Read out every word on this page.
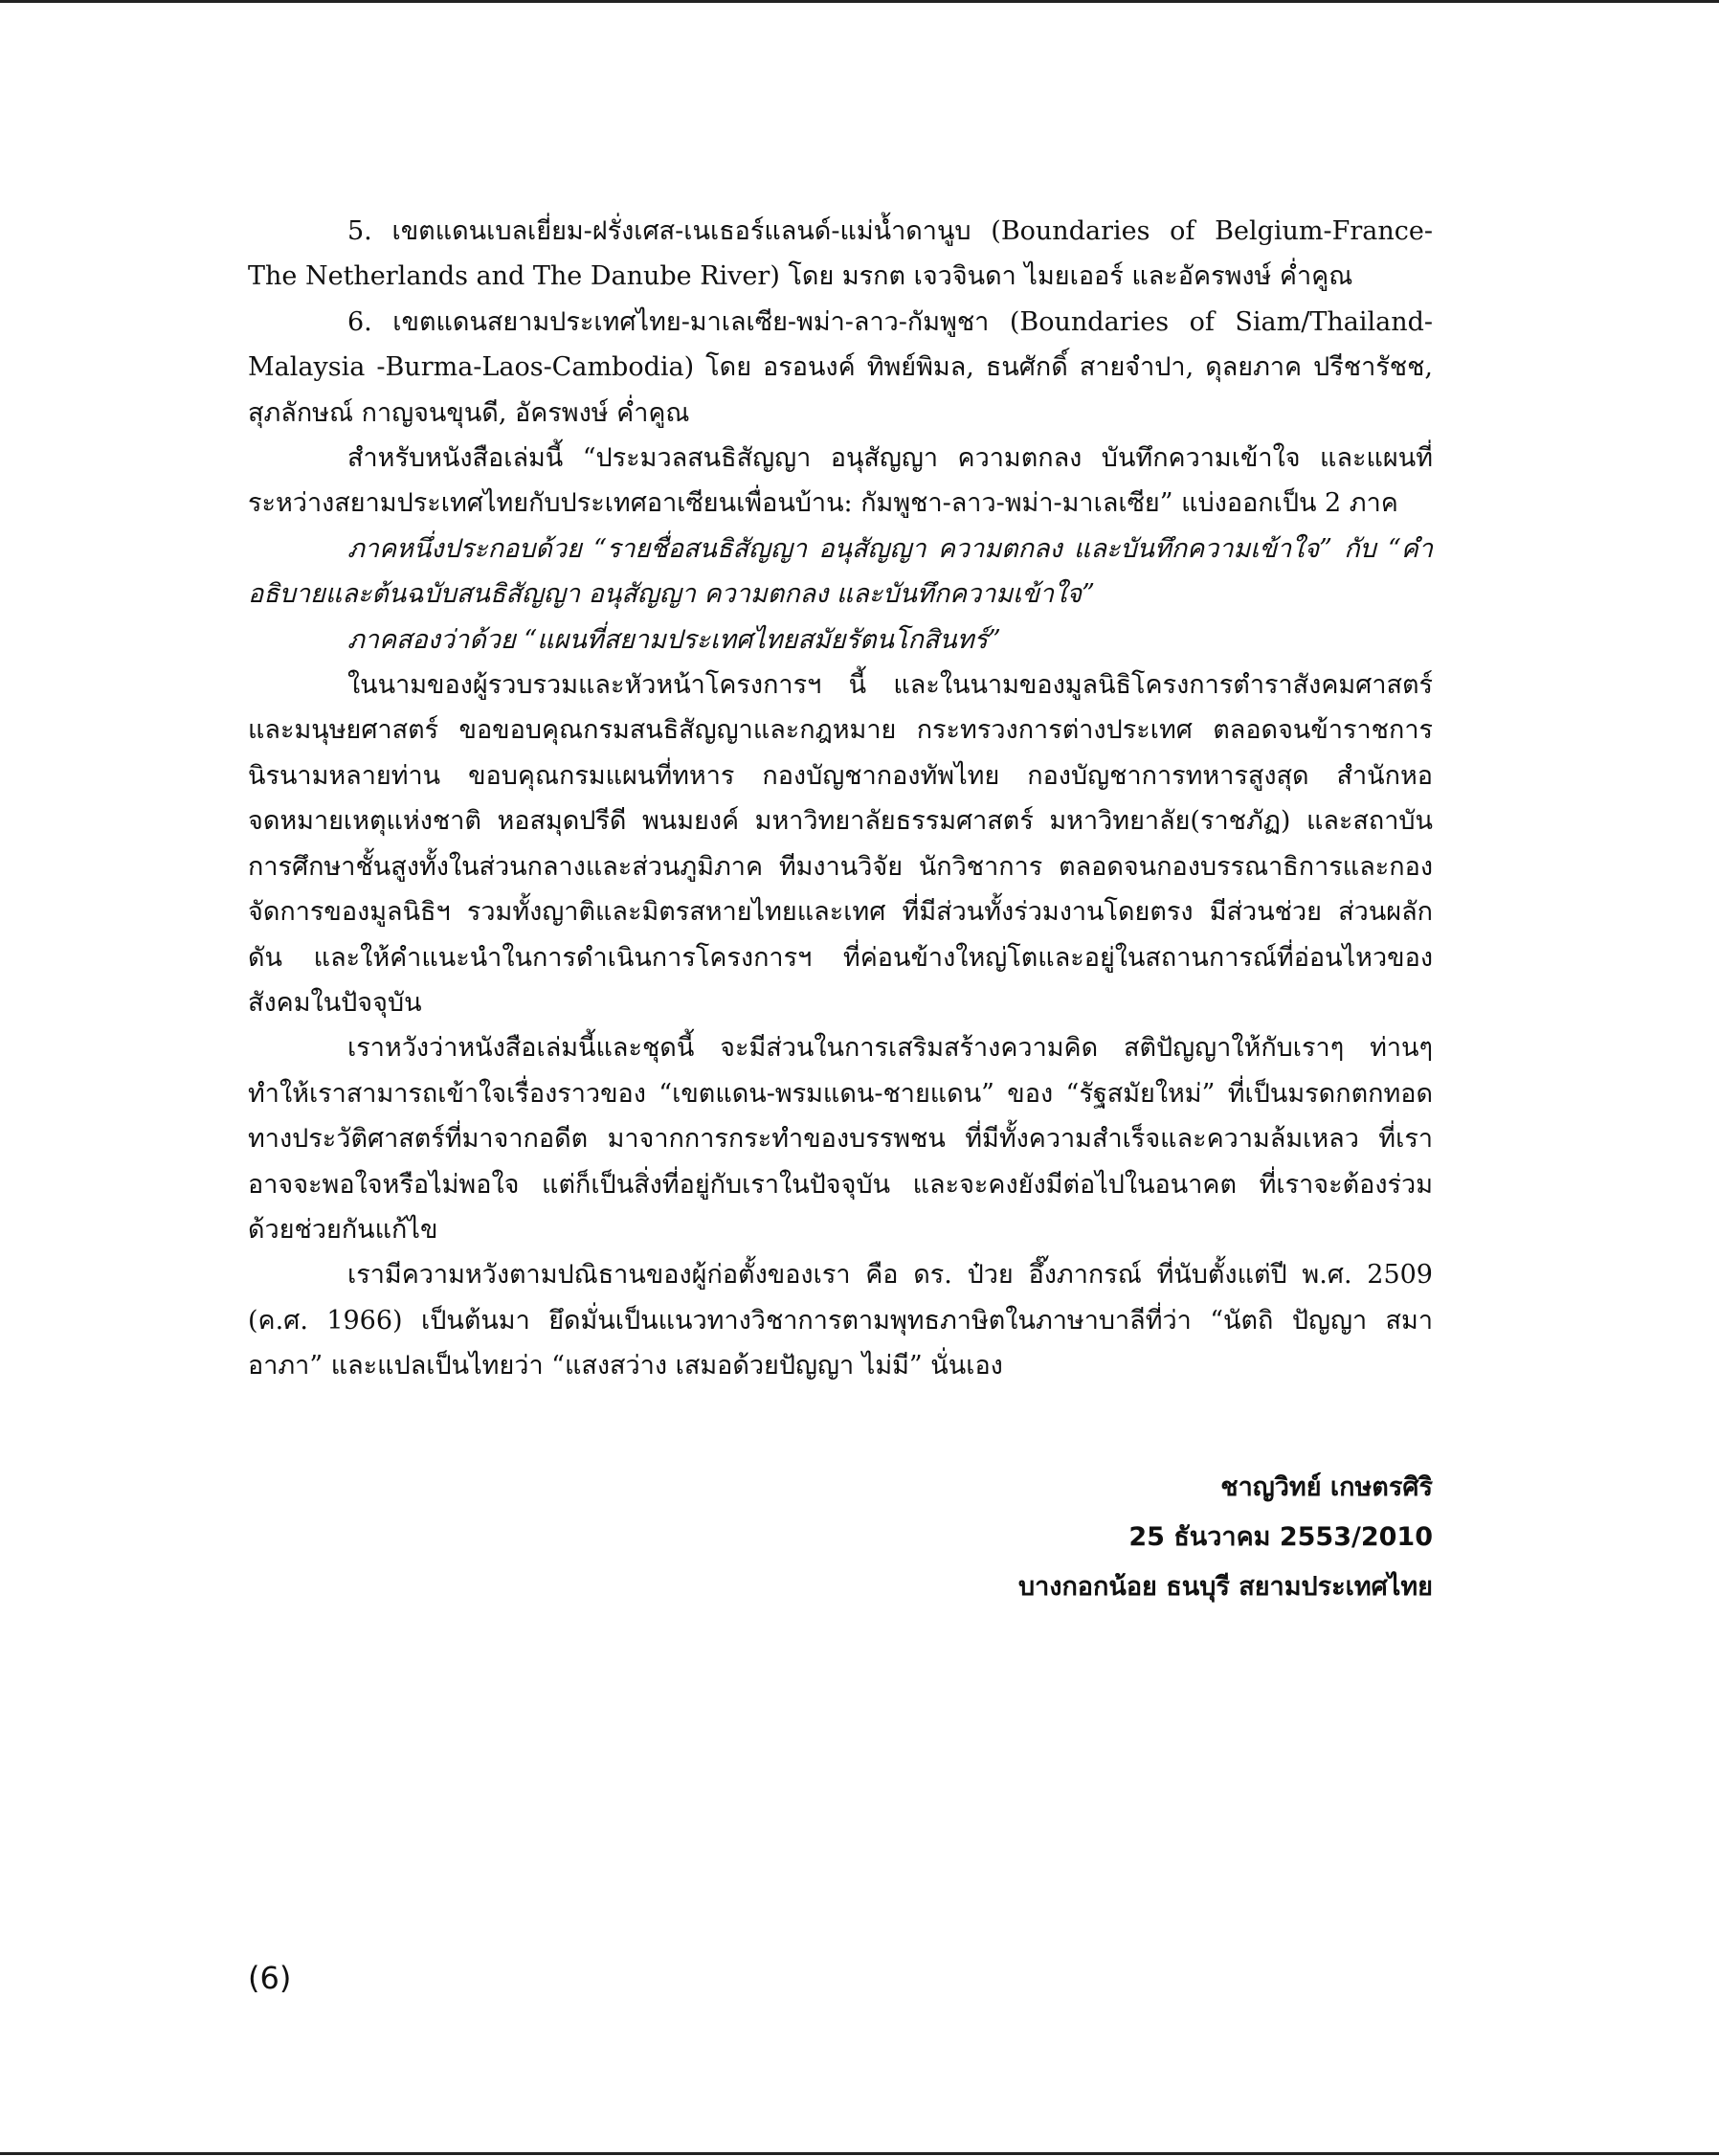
5. เขตแดนเบลเยี่ยม-ฝรั่งเศส-เนเธอร์แลนด์-แม่น้ำดานูบ (Boundaries of Belgium-France-The Netherlands and The Danube River) โดย มรกต เจวจินดา ไมยเออร์ และอัครพงษ์ ค่ำคูณ

6. เขตแดนสยามประเทศไทย-มาเลเซีย-พม่า-ลาว-กัมพูชา (Boundaries of Siam/Thailand-Malaysia -Burma-Laos-Cambodia) โดย อรอนงค์ ทิพย์พิมล, ธนศักดิ์ สายจำปา, ดุลยภาค ปรีชารัชช, สุภลักษณ์ กาญจนขุนดี, อัครพงษ์ ค่ำคูณ

สำหรับหนังสือเล่มนี้ “ประมวลสนธิสัญญา อนุสัญญา ความตกลง บันทึกความเข้าใจ และแผนที่ระหว่างสยามประเทศไทยกับประเทศอาเซียนเพื่อนบ้าน: กัมพูชา-ลาว-พม่า-มาเลเซีย” แบ่งออกเป็น 2 ภาค

ภาคหนึ่งประกอบด้วย “รายชื่อสนธิสัญญา อนุสัญญา ความตกลง และบันทึกความเข้าใจ” กับ “คำอธิบายและต้นฉบับสนธิสัญญา อนุสัญญา ความตกลง และบันทึกความเข้าใจ”

ภาคสองว่าด้วย “แผนที่สยามประเทศไทยสมัยรัตนโกสินทร์”

ในนามของผู้รวบรวมและหัวหน้าโครงการฯ นี้ และในนามของมูลนิธิโครงการตำราสังคมศาสตร์และมนุษยศาสตร์ ขอขอบคุณกรมสนธิสัญญาและกฎหมาย กระทรวงการต่างประเทศ ตลอดจนข้าราชการนิรนามหลายท่าน ขอบคุณกรมแผนที่ทหาร กองบัญชากองทัพไทย กองบัญชาการทหารสูงสุด สำนักหอจดหมายเหตุแห่งชาติ หอสมุดปรีดี พนมยงค์ มหาวิทยาลัยธรรมศาสตร์ มหาวิทยาลัย(ราชภัฏ) และสถาบันการศึกษาชั้นสูงทั้งในส่วนกลางและส่วนภูมิภาค ทีมงานวิจัย นักวิชาการ ตลอดจนกองบรรณาธิการและกองจัดการของมูลนิธิฯ รวมทั้งญาติและมิตรสหายไทยและเทศ ที่มีส่วนทั้งร่วมงานโดยตรง มีส่วนช่วย ส่วนผลักดัน และให้คำแนะนำในการดำเนินการโครงการฯ ที่ค่อนข้างใหญ่โตและอยู่ในสถานการณ์ที่อ่อนไหวของสังคมในปัจจุบัน

เราหวังว่าหนังสือเล่มนี้และชุดนี้ จะมีส่วนในการเสริมสร้างความคิด สติปัญญาให้กับเราๆ ท่านๆ ทำให้เราสามารถเข้าใจเรื่องราวของ “เขตแดน-พรมแดน-ชายแดน” ของ “รัฐสมัยใหม่” ที่เป็นมรดกตกทอดทางประวัติศาสตร์ที่มาจากอดีต มาจากการกระทำของบรรพชน ที่มีทั้งความสำเร็จและความล้มเหลว ที่เราอาจจะพอใจหรือไม่พอใจ แต่ก็เป็นสิ่งที่อยู่กับเราในปัจจุบัน และจะคงยังมีต่อไปในอนาคต ที่เราจะต้องร่วมด้วยช่วยกันแก้ไข

เรามีความหวังตามปณิธานของผู้ก่อตั้งของเรา คือ ดร. ป๋วย อึ๊งภากรณ์ ที่นับตั้งแต่ปี พ.ศ. 2509 (ค.ศ. 1966) เป็นต้นมา ยึดมั่นเป็นแนวทางวิชาการตามพุทธภาษิตในภาษาบาลีที่ว่า “นัตถิ ปัญญา สมาอาภา” และแปลเป็นไทยว่า “แสงสว่าง เสมอด้วยปัญญา ไม่มี” นั่นเอง

ชาญวิทย์ เกษตรศิริ
25 ธันวาคม 2553/2010
บางกอกน้อย ธนบุรี สยามประเทศไทย
(6)
